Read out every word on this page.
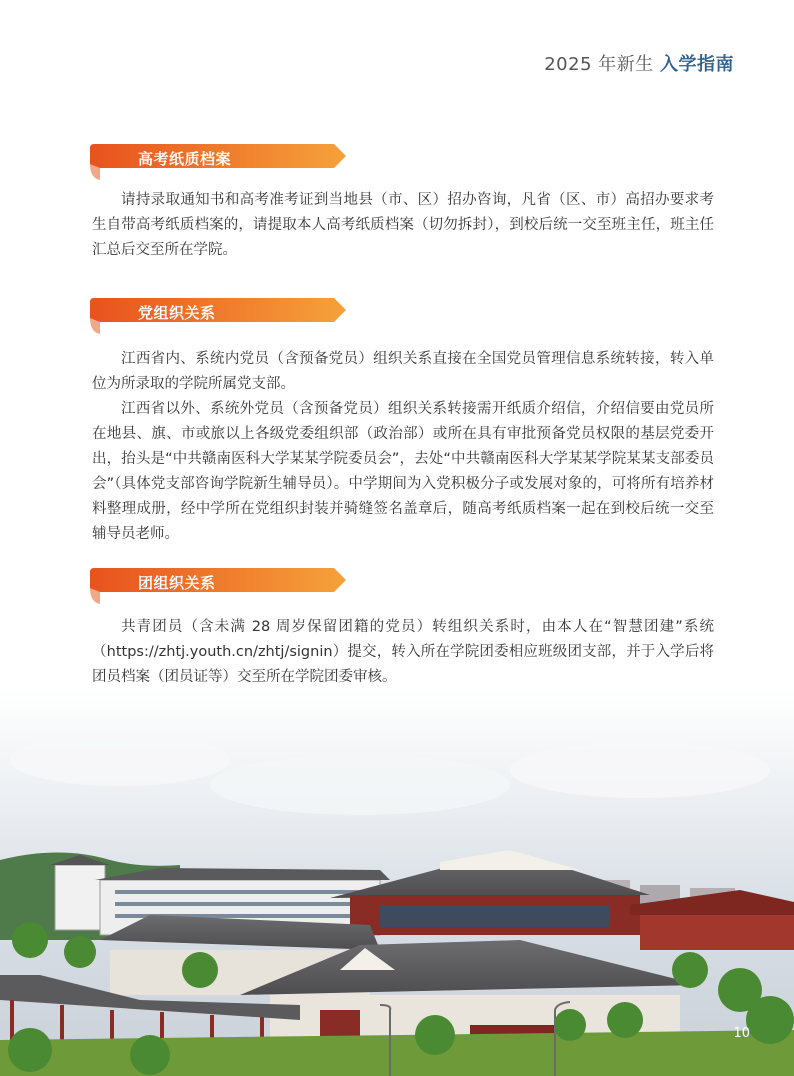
2025 年新生 入学指南
高考纸质档案

请持录取通知书和高考准考证到当地县（市、区）招办咨询，凡省（区、市）高招办要求考生自带高考纸质档案的，请提取本人高考纸质档案（切勿拆封），到校后统一交至班主任，班主任汇总后交至所在学院。

党组织关系

江西省内、系统内党员（含预备党员）组织关系直接在全国党员管理信息系统转接，转入单位为所录取的学院所属党支部。

江西省以外、系统外党员（含预备党员）组织关系转接需开纸质介绍信，介绍信要由党员所在地县、旗、市或旅以上各级党委组织部（政治部）或所在具有审批预备党员权限的基层党委开出，抬头是“中共赣南医科大学某某学院委员会”，去处“中共赣南医科大学某某学院某某支部委员会”（具体党支部咨询学院新生辅导员）。中学期间为入党积极分子或发展对象的，可将所有培养材料整理成册，经中学所在党组织封装并骑缝签名盖章后，随高考纸质档案一起在到校后统一交至辅导员老师。

团组织关系

共青团员（含未满 28 周岁保留团籍的党员）转组织关系时，由本人在“智慧团建”系统（https://zhtj.youth.cn/zhtj/signin）提交，转入所在学院团委相应班级团支部，并于入学后将团员档案（团员证等）交至所在学院团委审核。

10
